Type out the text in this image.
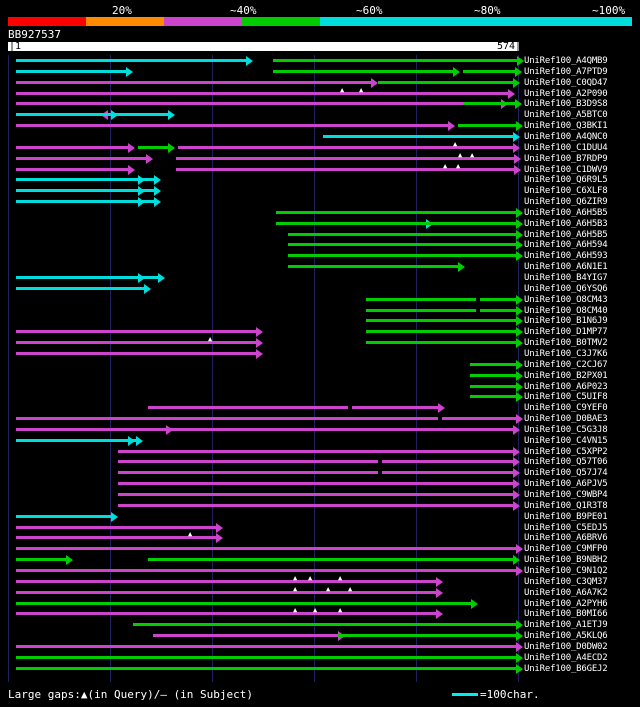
20%	~40%	~60%	~80%	~100%
BB927537
|1	574|
▲ ▲
▲
▲ ▲
▲ ▲
▲
▲
▲ ▲	▲
▲	▲	▲
▲ ▲	▲
UniRef100_A4QMB9
UniRef100_A7PTD9
UniRef100_C0QD47
UniRef100_A2P090
UniRef100_B3D9S8
UniRef100_A5BTC0
UniRef100_Q3BKI1
UniRef100_A4QNC0
UniRef100_C1DUU4
UniRef100_B7RDP9
UniRef100_C1DWV9
UniRef100_Q6R9L5
UniRef100_C6XLF8
UniRef100_Q6ZIR9
UniRef100_A6H5B5
UniRef100_A6H5B3
UniRef100_A6H5B5
UniRef100_A6H594
UniRef100_A6H593
UniRef100_A6N1E1
UniRef100_B4YIG7
UniRef100_Q6YSQ6
UniRef100_O8CM43
UniRef100_O8CM40
UniRef100_B1N6J9
UniRef100_D1MP77
UniRef100_B0TMV2
UniRef100_C3J7K6
UniRef100_C2CJ67
UniRef100_B2PX01
UniRef100_A6P023
UniRef100_C5UIF8
UniRef100_C9YEF0
UniRef100_D0BAE3
UniRef100_C5G3J8
UniRef100_C4VN15
UniRef100_C5XPP2
UniRef100_Q57T06
UniRef100_Q57J74
UniRef100_A6PJV5
UniRef100_C9WBP4
UniRef100_Q1R3T8
UniRef100_B9PE01
UniRef100_C5EDJ5
UniRef100_A6BRV6
UniRef100_C9MFP0
UniRef100_B9NBH2
UniRef100_C9N1Q2
UniRef100_C3QM37
UniRef100_A6A7K2
UniRef100_A2PYH6
UniRef100_B0MI66
UniRef100_A1ETJ9
UniRef100_A5KLQ6
UniRef100_D0DW02
UniRef100_A4ECD2
UniRef100_B6GEJ2
Large gaps:▲(in Query)/– (in Subject)	=100char.
